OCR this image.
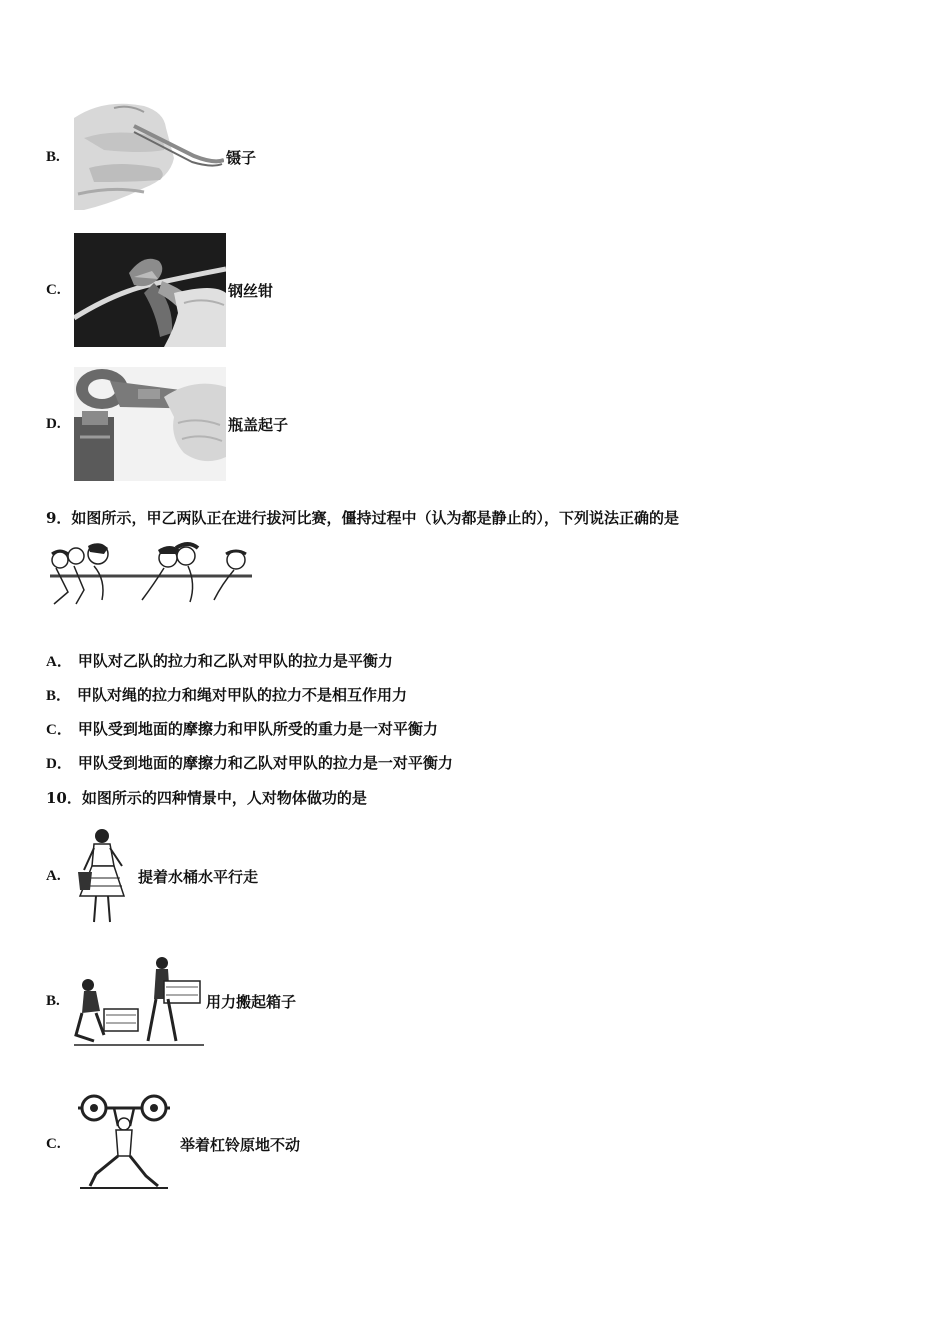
B.	镊子
C.	钢丝钳
D.	瓶盖起子
9．如图所示，甲乙两队正在进行拔河比赛，僵持过程中（认为都是静止的），下列说法正确的是
A． 甲队对乙队的拉力和乙队对甲队的拉力是平衡力
B． 甲队对绳的拉力和绳对甲队的拉力不是相互作用力
C． 甲队受到地面的摩擦力和甲队所受的重力是一对平衡力
D． 甲队受到地面的摩擦力和乙队对甲队的拉力是一对平衡力
10．如图所示的四种情景中，人对物体做功的是
A.	提着水桶水平行走
B.	用力搬起箱子
C.	举着杠铃原地不动
